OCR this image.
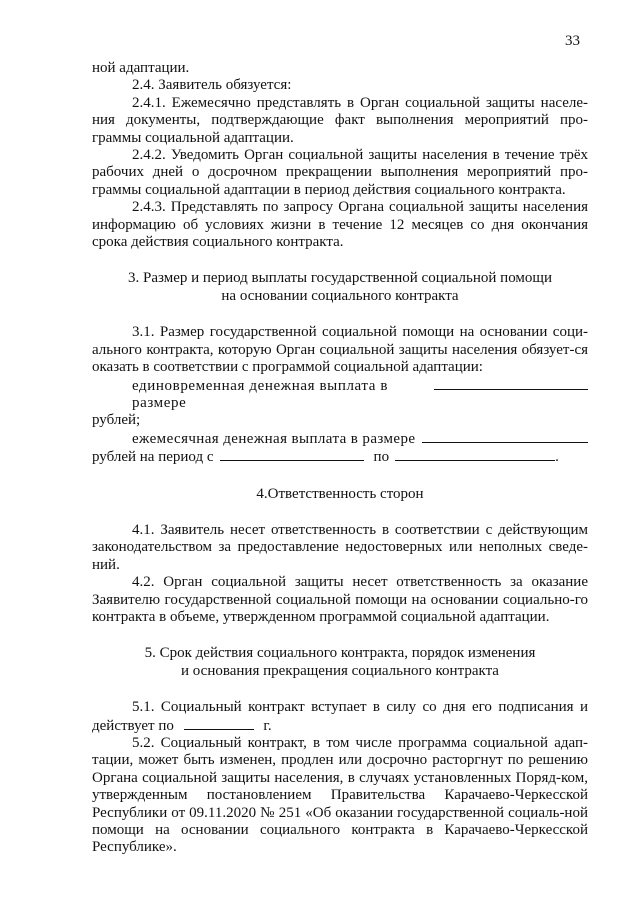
33

ной адаптации.

2.4. Заявитель обязуется:

2.4.1. Ежемесячно представлять в Орган социальной защиты населе-ния документы, подтверждающие факт выполнения мероприятий про-граммы социальной адаптации.

2.4.2. Уведомить Орган социальной защиты населения в течение трёх рабочих дней о досрочном прекращении выполнения мероприятий про-граммы социальной адаптации в период действия социального контракта.

2.4.3. Представлять по запросу Органа социальной защиты населения информацию об условиях жизни в течение 12 месяцев со дня окончания срока действия социального контракта.

3. Размер и период выплаты государственной социальной помощи

на основании социального контракта

3.1. Размер государственной социальной помощи на основании соци-ального контракта, которую Орган социальной защиты населения обязует-ся оказать в соответствии с программой социальной адаптации:

единовременная денежная выплата в размере

рублей;

ежемесячная денежная выплата в размере
рублей на период с	по	.

4.Ответственность сторон

4.1. Заявитель несет ответственность в соответствии с действующим законодательством за предоставление недостоверных или неполных сведе-ний.

4.2. Орган социальной защиты несет ответственность за оказание Заявителю государственной социальной помощи на основании социально-го контракта в объеме, утвержденном программой социальной адаптации.

5. Срок действия социального контракта, порядок изменения

и основания прекращения социального контракта

5.1. Социальный контракт вступает в силу со дня его подписания и действует по	г.

5.2. Социальный контракт, в том числе программа социальной адап-тации, может быть изменен, продлен или досрочно расторгнут по решению Органа социальной защиты населения, в случаях установленных Поряд-ком, утвержденным постановлением Правительства Карачаево-Черкесской Республики от 09.11.2020 № 251 «Об оказании государственной социаль-ной помощи на основании социального контракта в Карачаево-Черкесской Республике».
